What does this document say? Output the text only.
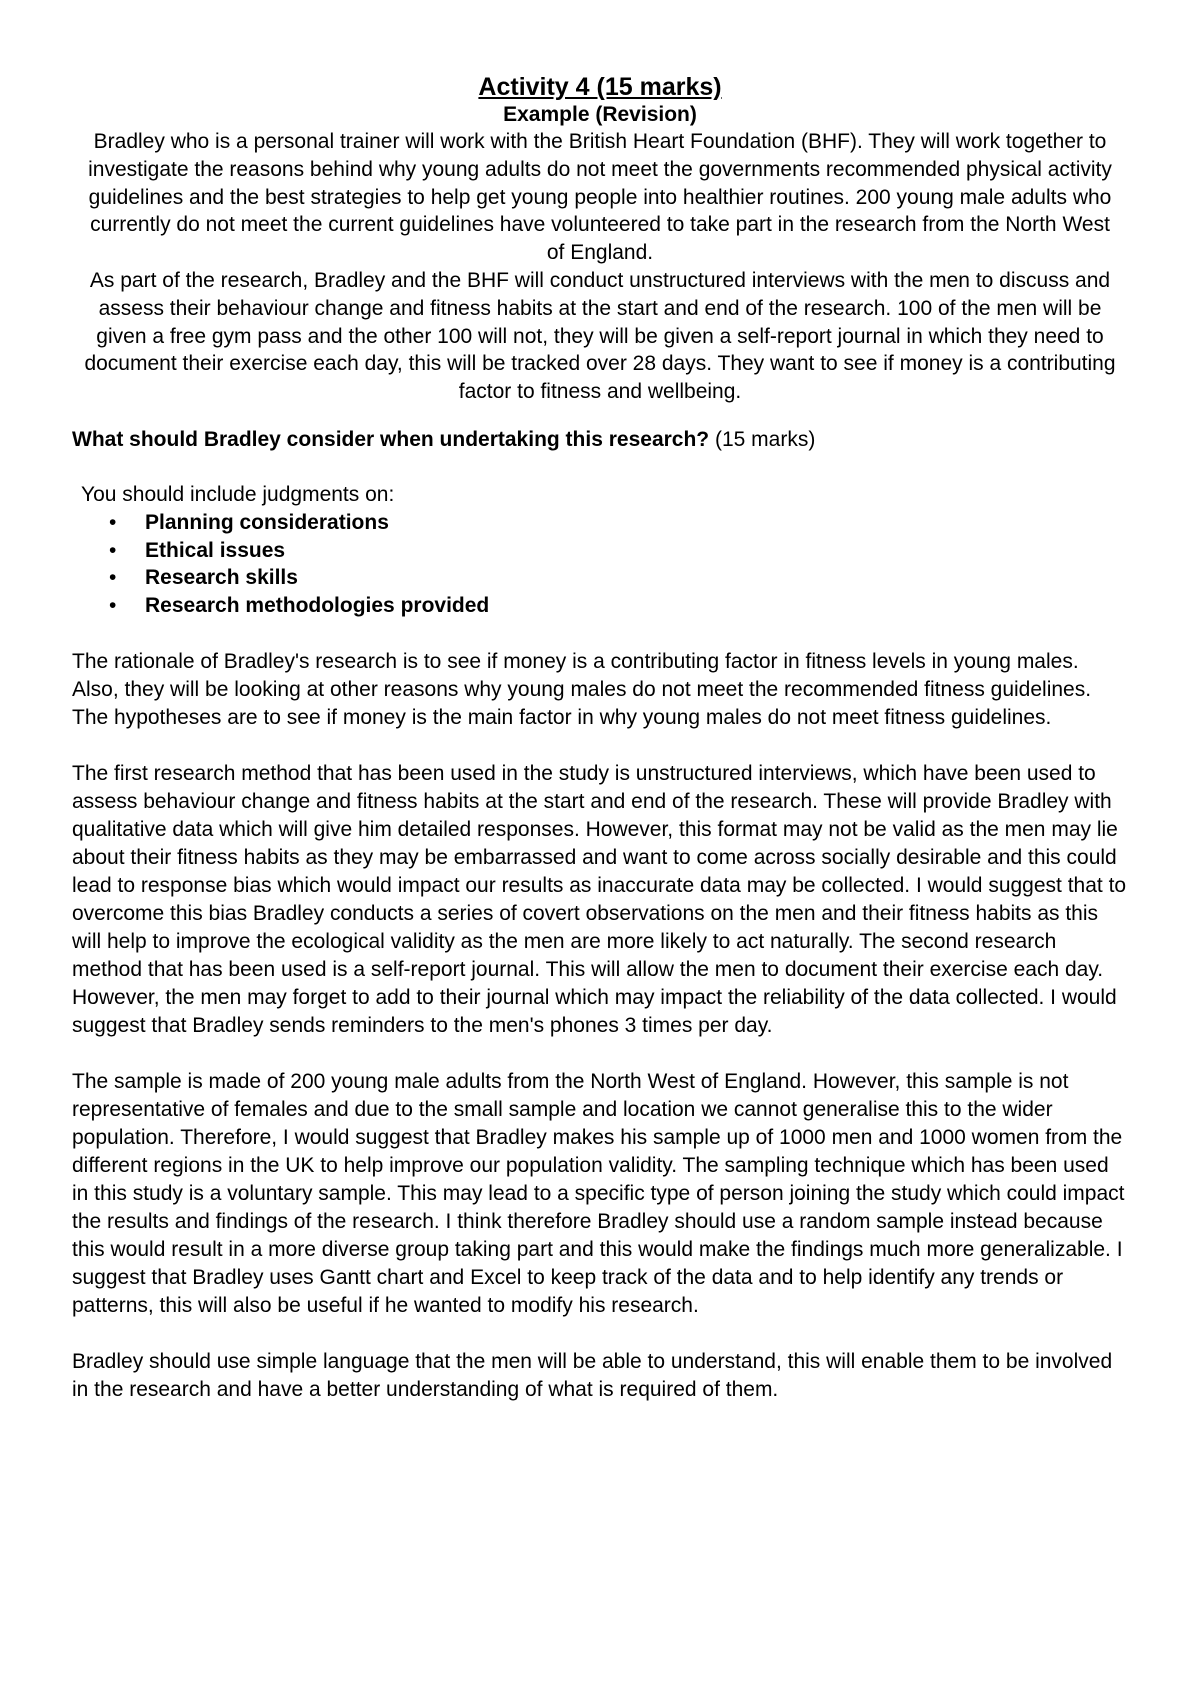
Activity 4 (15 marks)
Example (Revision)

Bradley who is a personal trainer will work with the British Heart Foundation (BHF). They will work together to investigate the reasons behind why young adults do not meet the governments recommended physical activity guidelines and the best strategies to help get young people into healthier routines. 200 young male adults who currently do not meet the current guidelines have volunteered to take part in the research from the North West of England.

As part of the research, Bradley and the BHF will conduct unstructured interviews with the men to discuss and assess their behaviour change and fitness habits at the start and end of the research. 100 of the men will be given a free gym pass and the other 100 will not, they will be given a self-report journal in which they need to document their exercise each day, this will be tracked over 28 days. They want to see if money is a contributing factor to fitness and wellbeing.

What should Bradley consider when undertaking this research? (15 marks)

You should include judgments on:

• Planning considerations
• Ethical issues
• Research skills
• Research methodologies provided

The rationale of Bradley's research is to see if money is a contributing factor in fitness levels in young males. Also, they will be looking at other reasons why young males do not meet the recommended fitness guidelines. The hypotheses are to see if money is the main factor in why young males do not meet fitness guidelines.

The first research method that has been used in the study is unstructured interviews, which have been used to assess behaviour change and fitness habits at the start and end of the research. These will provide Bradley with qualitative data which will give him detailed responses. However, this format may not be valid as the men may lie about their fitness habits as they may be embarrassed and want to come across socially desirable and this could lead to response bias which would impact our results as inaccurate data may be collected. I would suggest that to overcome this bias Bradley conducts a series of covert observations on the men and their fitness habits as this will help to improve the ecological validity as the men are more likely to act naturally. The second research method that has been used is a self-report journal. This will allow the men to document their exercise each day. However, the men may forget to add to their journal which may impact the reliability of the data collected. I would suggest that Bradley sends reminders to the men's phones 3 times per day.

The sample is made of 200 young male adults from the North West of England. However, this sample is not representative of females and due to the small sample and location we cannot generalise this to the wider population. Therefore, I would suggest that Bradley makes his sample up of 1000 men and 1000 women from the different regions in the UK to help improve our population validity. The sampling technique which has been used in this study is a voluntary sample. This may lead to a specific type of person joining the study which could impact the results and findings of the research. I think therefore Bradley should use a random sample instead because this would result in a more diverse group taking part and this would make the findings much more generalizable. I suggest that Bradley uses Gantt chart and Excel to keep track of the data and to help identify any trends or patterns, this will also be useful if he wanted to modify his research.

Bradley should use simple language that the men will be able to understand, this will enable them to be involved in the research and have a better understanding of what is required of them.
